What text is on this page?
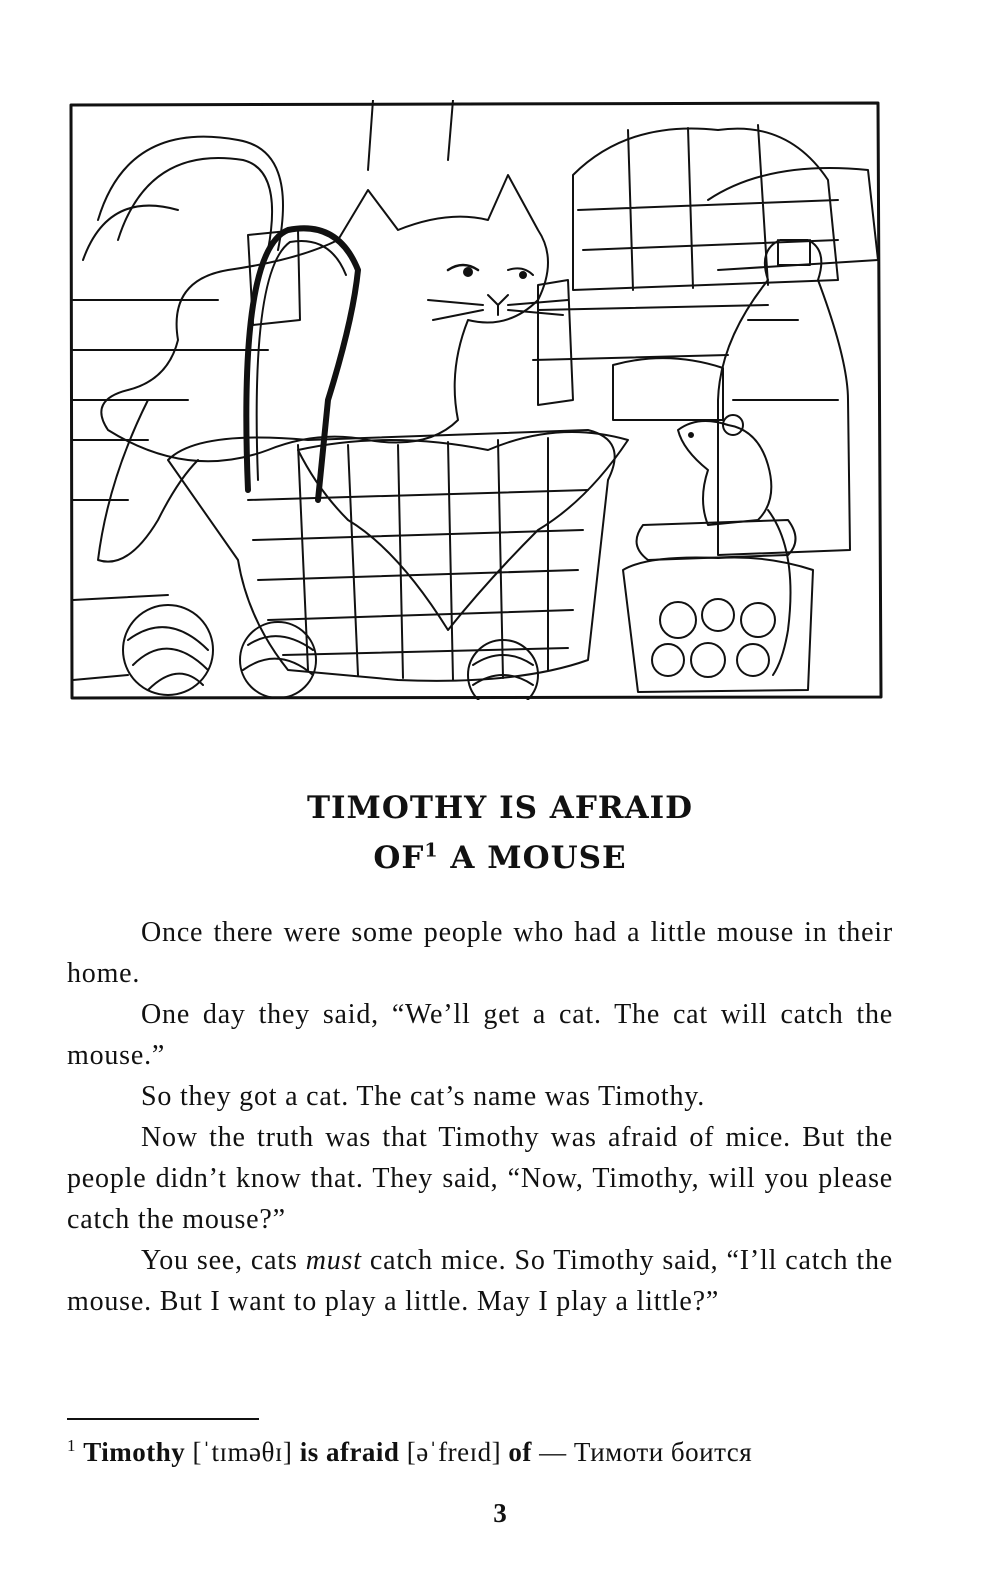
TIMOTHY IS AFRAID
$OF^1$ A MOUSE

Once there were some people who had a little mouse in their home.

One day they said, “We’ll get a cat. The cat will catch the mouse.”

So they got a cat. The cat’s name was Timothy.

Now the truth was that Timothy was afraid of mice. But the people didn’t know that. They said, “Now, Timothy, will you please catch the mouse?”

You see, cats must catch mice. So Timothy said, “I’ll catch the mouse. But I want to play a little. May I play a little?”

$^1$ Timothy [ˈtɪməθɪ] is afraid [əˈfreɪd] of — Тимоти боится
3
